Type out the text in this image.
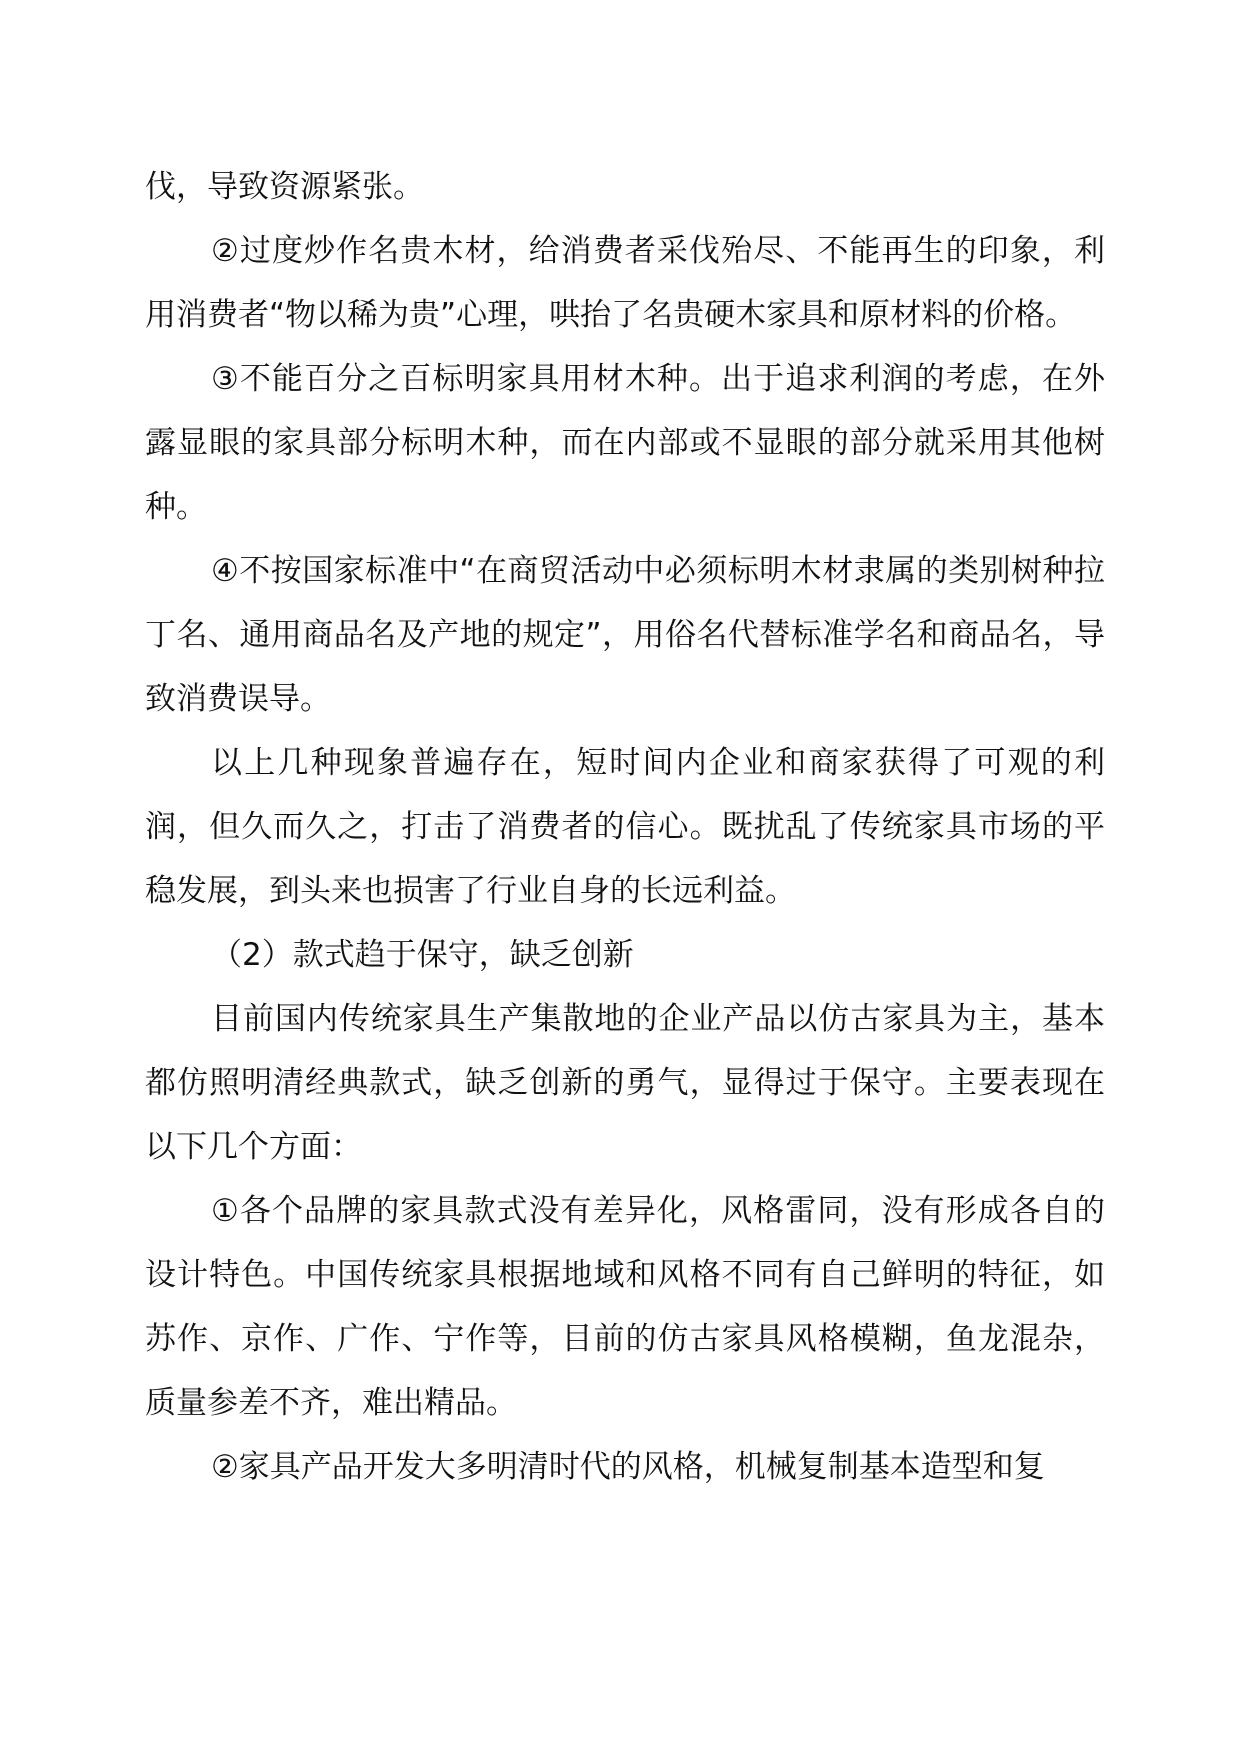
伐，导致资源紧张。

②过度炒作名贵木材，给消费者采伐殆尽、不能再生的印象，利用消费者“物以稀为贵”心理，哄抬了名贵硬木家具和原材料的价格。

③不能百分之百标明家具用材木种。出于追求利润的考虑，在外露显眼的家具部分标明木种，而在内部或不显眼的部分就采用其他树种。

④不按国家标准中“在商贸活动中必须标明木材隶属的类别树种拉丁名、通用商品名及产地的规定”，用俗名代替标准学名和商品名，导致消费误导。

以上几种现象普遍存在，短时间内企业和商家获得了可观的利润，但久而久之，打击了消费者的信心。既扰乱了传统家具市场的平稳发展，到头来也损害了行业自身的长远利益。

（2）款式趋于保守，缺乏创新

目前国内传统家具生产集散地的企业产品以仿古家具为主，基本都仿照明清经典款式，缺乏创新的勇气，显得过于保守。主要表现在以下几个方面：

①各个品牌的家具款式没有差异化，风格雷同，没有形成各自的设计特色。中国传统家具根据地域和风格不同有自己鲜明的特征，如苏作、京作、广作、宁作等，目前的仿古家具风格模糊，鱼龙混杂，质量参差不齐，难出精品。

②家具产品开发大多明清时代的风格，机械复制基本造型和复
